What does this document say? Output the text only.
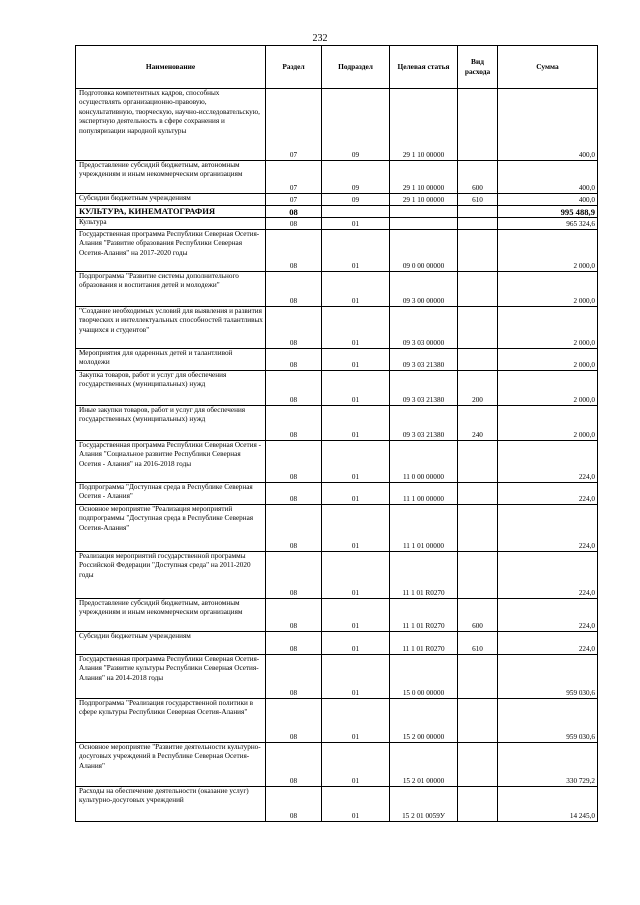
232
Наименование	Раздел	Подраздел	Целевая статья	Вид расхода	Сумма
Подготовка компетентных кадров, способных осуществлять организационно-правовую, консультативную, творческую, научно-исследовательскую, экспертную деятельность в сфере сохранения и популяризации народной культуры	07	09	29 1 10 00000		400,0
Предоставление субсидий бюджетным, автономным учреждениям и иным некоммерческим организациям	07	09	29 1 10 00000	600	400,0
Субсидии бюджетным учреждениям	07	09	29 1 10 00000	610	400,0
КУЛЬТУРА, КИНЕМАТОГРАФИЯ	08				995 488,9
Культура	08	01			965 324,6
Государственная программа Республики Северная Осетия-Алания "Развитие образования Республики Северная Осетия-Алания" на 2017-2020 годы	08	01	09 0 00 00000		2 000,0
Подпрограмма "Развитие системы дополнительного образования и воспитания детей и молодежи"	08	01	09 3 00 00000		2 000,0
"Создание необходимых условий для выявления и развития творческих и интеллектуальных способностей талантливых учащихся и студентов"	08	01	09 3 03 00000		2 000,0
Мероприятия для одаренных детей и талантливой молодежи	08	01	09 3 03 21380		2 000,0
Закупка товаров, работ и услуг для обеспечения государственных (муниципальных) нужд	08	01	09 3 03 21380	200	2 000,0
Иные закупки товаров, работ и услуг для обеспечения государственных (муниципальных) нужд	08	01	09 3 03 21380	240	2 000,0
Государственная программа Республики Северная Осетия - Алания "Социальное развитие Республики Северная Осетия - Алания" на 2016-2018 годы	08	01	11 0 00 00000		224,0
Подпрограмма "Доступная среда в Республике Северная Осетия - Алания"	08	01	11 1 00 00000		224,0
Основное мероприятие "Реализация мероприятий подпрограммы "Доступная среда в Республике Северная Осетия-Алания"	08	01	11 1 01 00000		224,0
Реализация мероприятий государственной программы Российской Федерации "Доступная среда" на 2011-2020 годы	08	01	11 1 01 R0270		224,0
Предоставление субсидий бюджетным, автономным учреждениям и иным некоммерческим организациям	08	01	11 1 01 R0270	600	224,0
Субсидии бюджетным учреждениям	08	01	11 1 01 R0270	610	224,0
Государственная программа Республики Северная Осетия-Алания "Развитие культуры Республики Северная Осетия-Алания" на 2014-2018 годы	08	01	15 0 00 00000		959 030,6
Подпрограмма "Реализация государственной политики в сфере культуры Республики Северная Осетия-Алания"	08	01	15 2 00 00000		959 030,6
Основное мероприятие "Развитие деятельности культурно-досуговых учреждений в Республике Северная Осетия-Алания"	08	01	15 2 01 00000		330 729,2
Расходы на обеспечение деятельности (оказание услуг) культурно-досуговых учреждений	08	01	15 2 01 0059У		14 245,0
